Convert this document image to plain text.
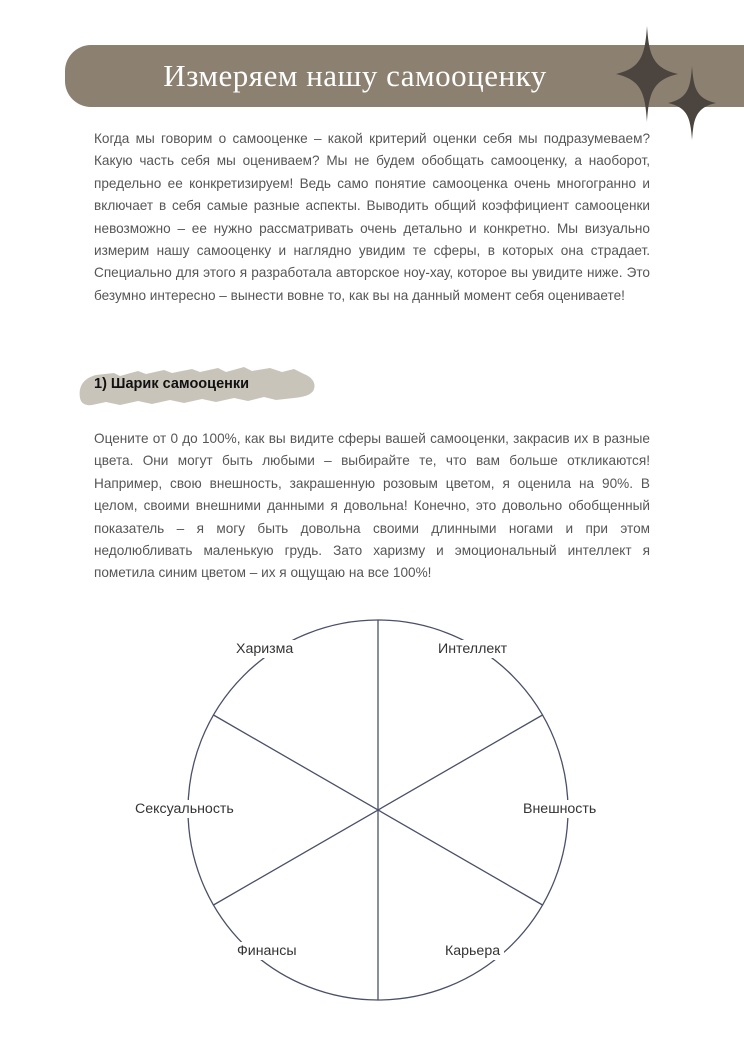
Измеряем нашу самооценку
Когда мы говорим о самооценке – какой критерий оценки себя мы подразумеваем? Какую часть себя мы оцениваем? Мы не будем обобщать самооценку, а наоборот, предельно ее конкретизируем! Ведь само понятие самооценка очень многогранно и включает в себя самые разные аспекты. Выводить общий коэффициент самооценки невозможно – ее нужно рассматривать очень детально и конкретно. Мы визуально измерим нашу самооценку и наглядно увидим те сферы, в которых она страдает. Специально для этого я разработала авторское ноу-хау, которое вы увидите ниже. Это безумно интересно – вынести вовне то, как вы на данный момент себя оцениваете!
1) Шарик самооценки
Оцените от 0 до 100%, как вы видите сферы вашей самооценки, закрасив их в разные цвета. Они могут быть любыми – выбирайте те, что вам больше откликаются! Например, свою внешность, закрашенную розовым цветом, я оценила на 90%. В целом, своими внешними данными я довольна! Конечно, это довольно обобщенный показатель – я могу быть довольна своими длинными ногами и при этом недолюбливать маленькую грудь. Зато харизму и эмоциональный интеллект я пометила синим цветом – их я ощущаю на все 100%!
Интеллект
Внешность
Карьера
Финансы
Сексуальность
Харизма
